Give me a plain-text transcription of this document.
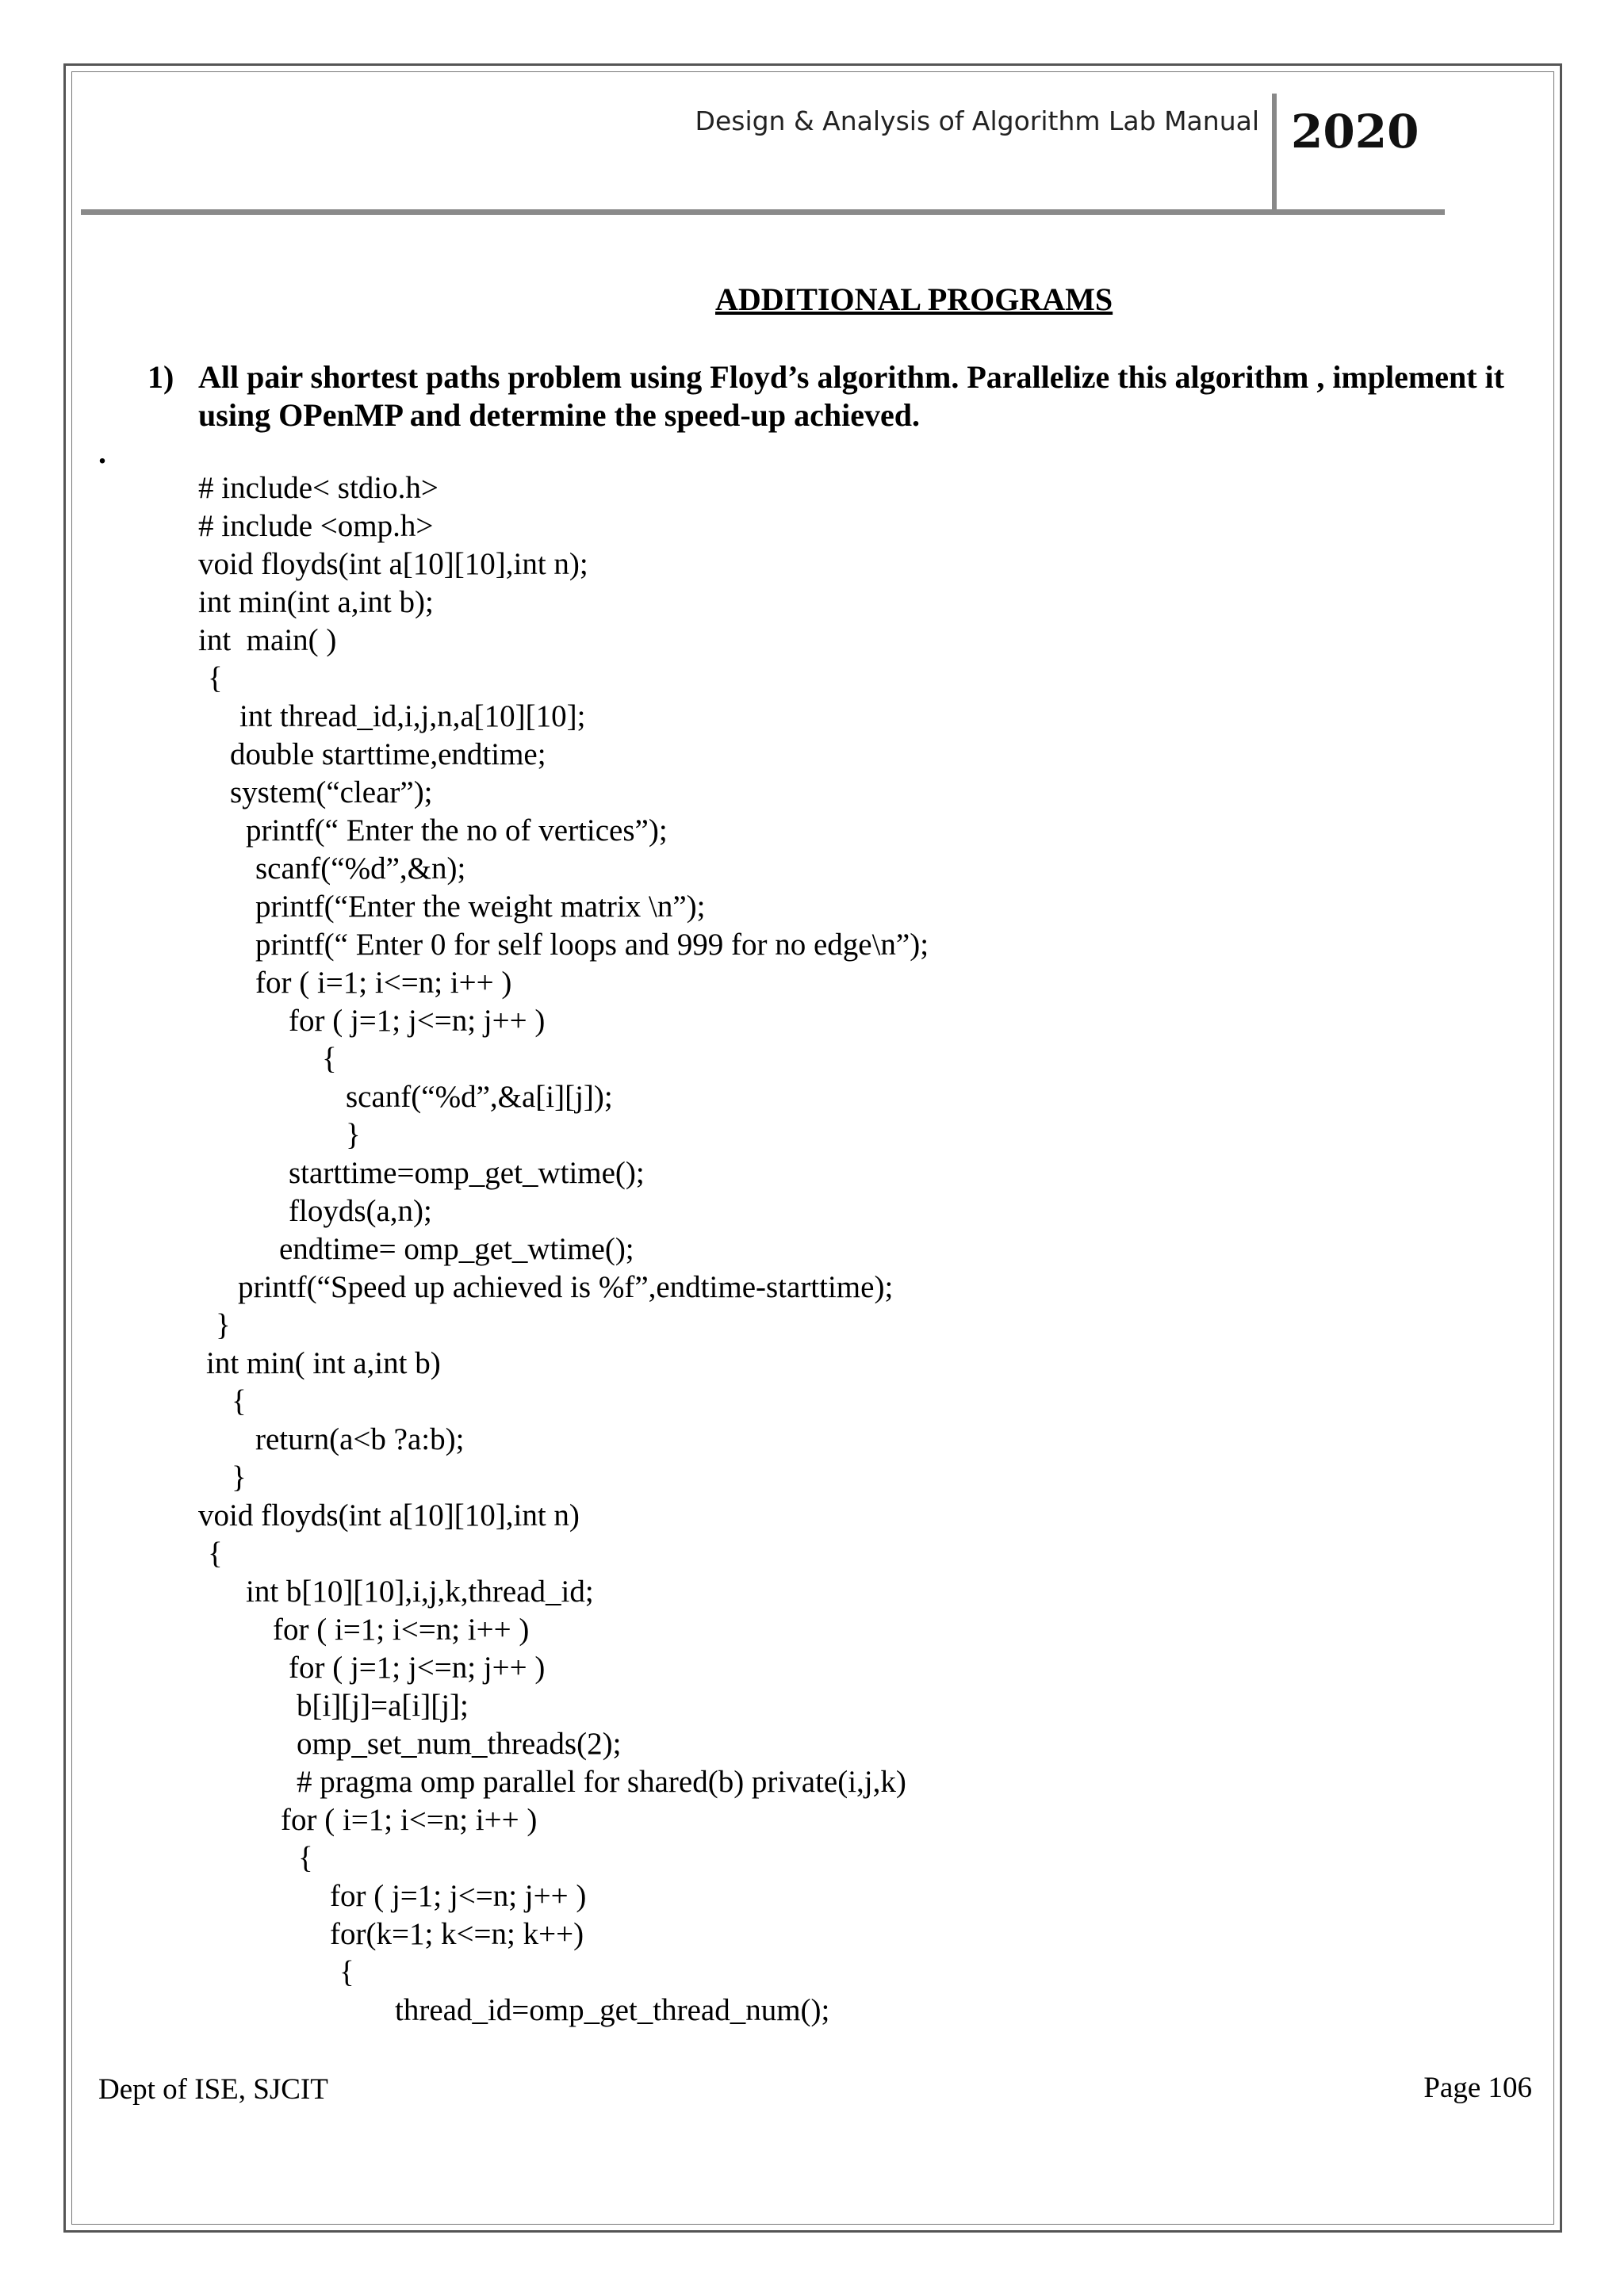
Design & Analysis of Algorithm Lab Manual 2020
ADDITIONAL PROGRAMS
1) All pair shortest paths problem using Floyd’s algorithm. Parallelize this algorithm , implement it using OPenMP and determine the speed-up achieved.
.
# include< stdio.h>
# include <omp.h>
void floyds(int a[10][10],int n);
int min(int a,int b);
int  main( )
{
int thread_id,i,j,n,a[10][10];
double starttime,endtime;
system(“clear”);
printf(“ Enter the no of vertices”);
scanf(“%d”,&n);
printf(“Enter the weight matrix \n”);
printf(“ Enter 0 for self loops and 999 for no edge\n”);
for ( i=1; i<=n; i++ )
for ( j=1; j<=n; j++ )
{
scanf(“%d”,&a[i][j]);
}
starttime=omp_get_wtime();
floyds(a,n);
endtime= omp_get_wtime();
printf(“Speed up achieved is %f”,endtime-starttime);
}
int min( int a,int b)
{
return(a<b ?a:b);
}
void floyds(int a[10][10],int n)
{
int b[10][10],i,j,k,thread_id;
for ( i=1; i<=n; i++ )
for ( j=1; j<=n; j++ )
b[i][j]=a[i][j];
omp_set_num_threads(2);
# pragma omp parallel for shared(b) private(i,j,k)
for ( i=1; i<=n; i++ )
{
for ( j=1; j<=n; j++ )
for(k=1; k<=n; k++)
{
thread_id=omp_get_thread_num();
Dept of ISE, SJCIT	Page 106
